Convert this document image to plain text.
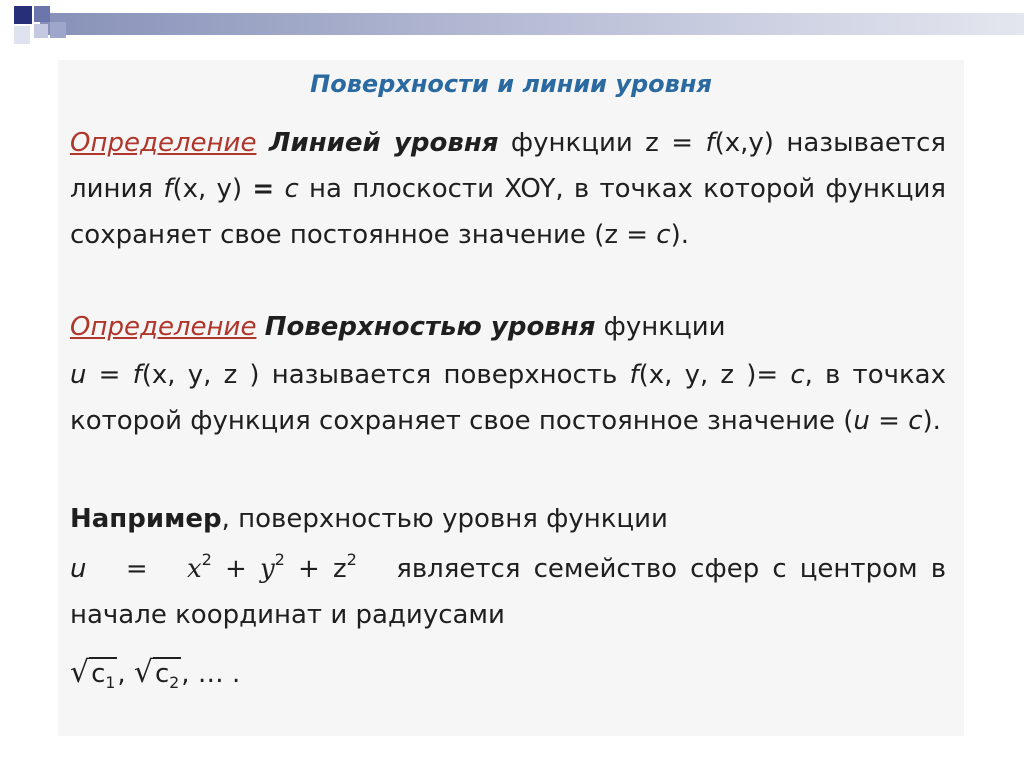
Поверхности и линии уровня

Определение Линией уровня функции z = f(x,y) называется линия f(x, y) = c на плоскости XOY, в точках которой функция сохраняет свое постоянное значение (z = c).

Определение Поверхностью уровня функции

u = f(x, y, z ) называется поверхность f(x, y, z )= c, в точках которой функция сохраняет свое постоянное значение (u = c).

Например, поверхностью уровня функции

$u = x^2 + y^2 + z^2$ является семейство сфер с центром в начале координат и радиусами

$√c_1$, $√c_2$, … .
